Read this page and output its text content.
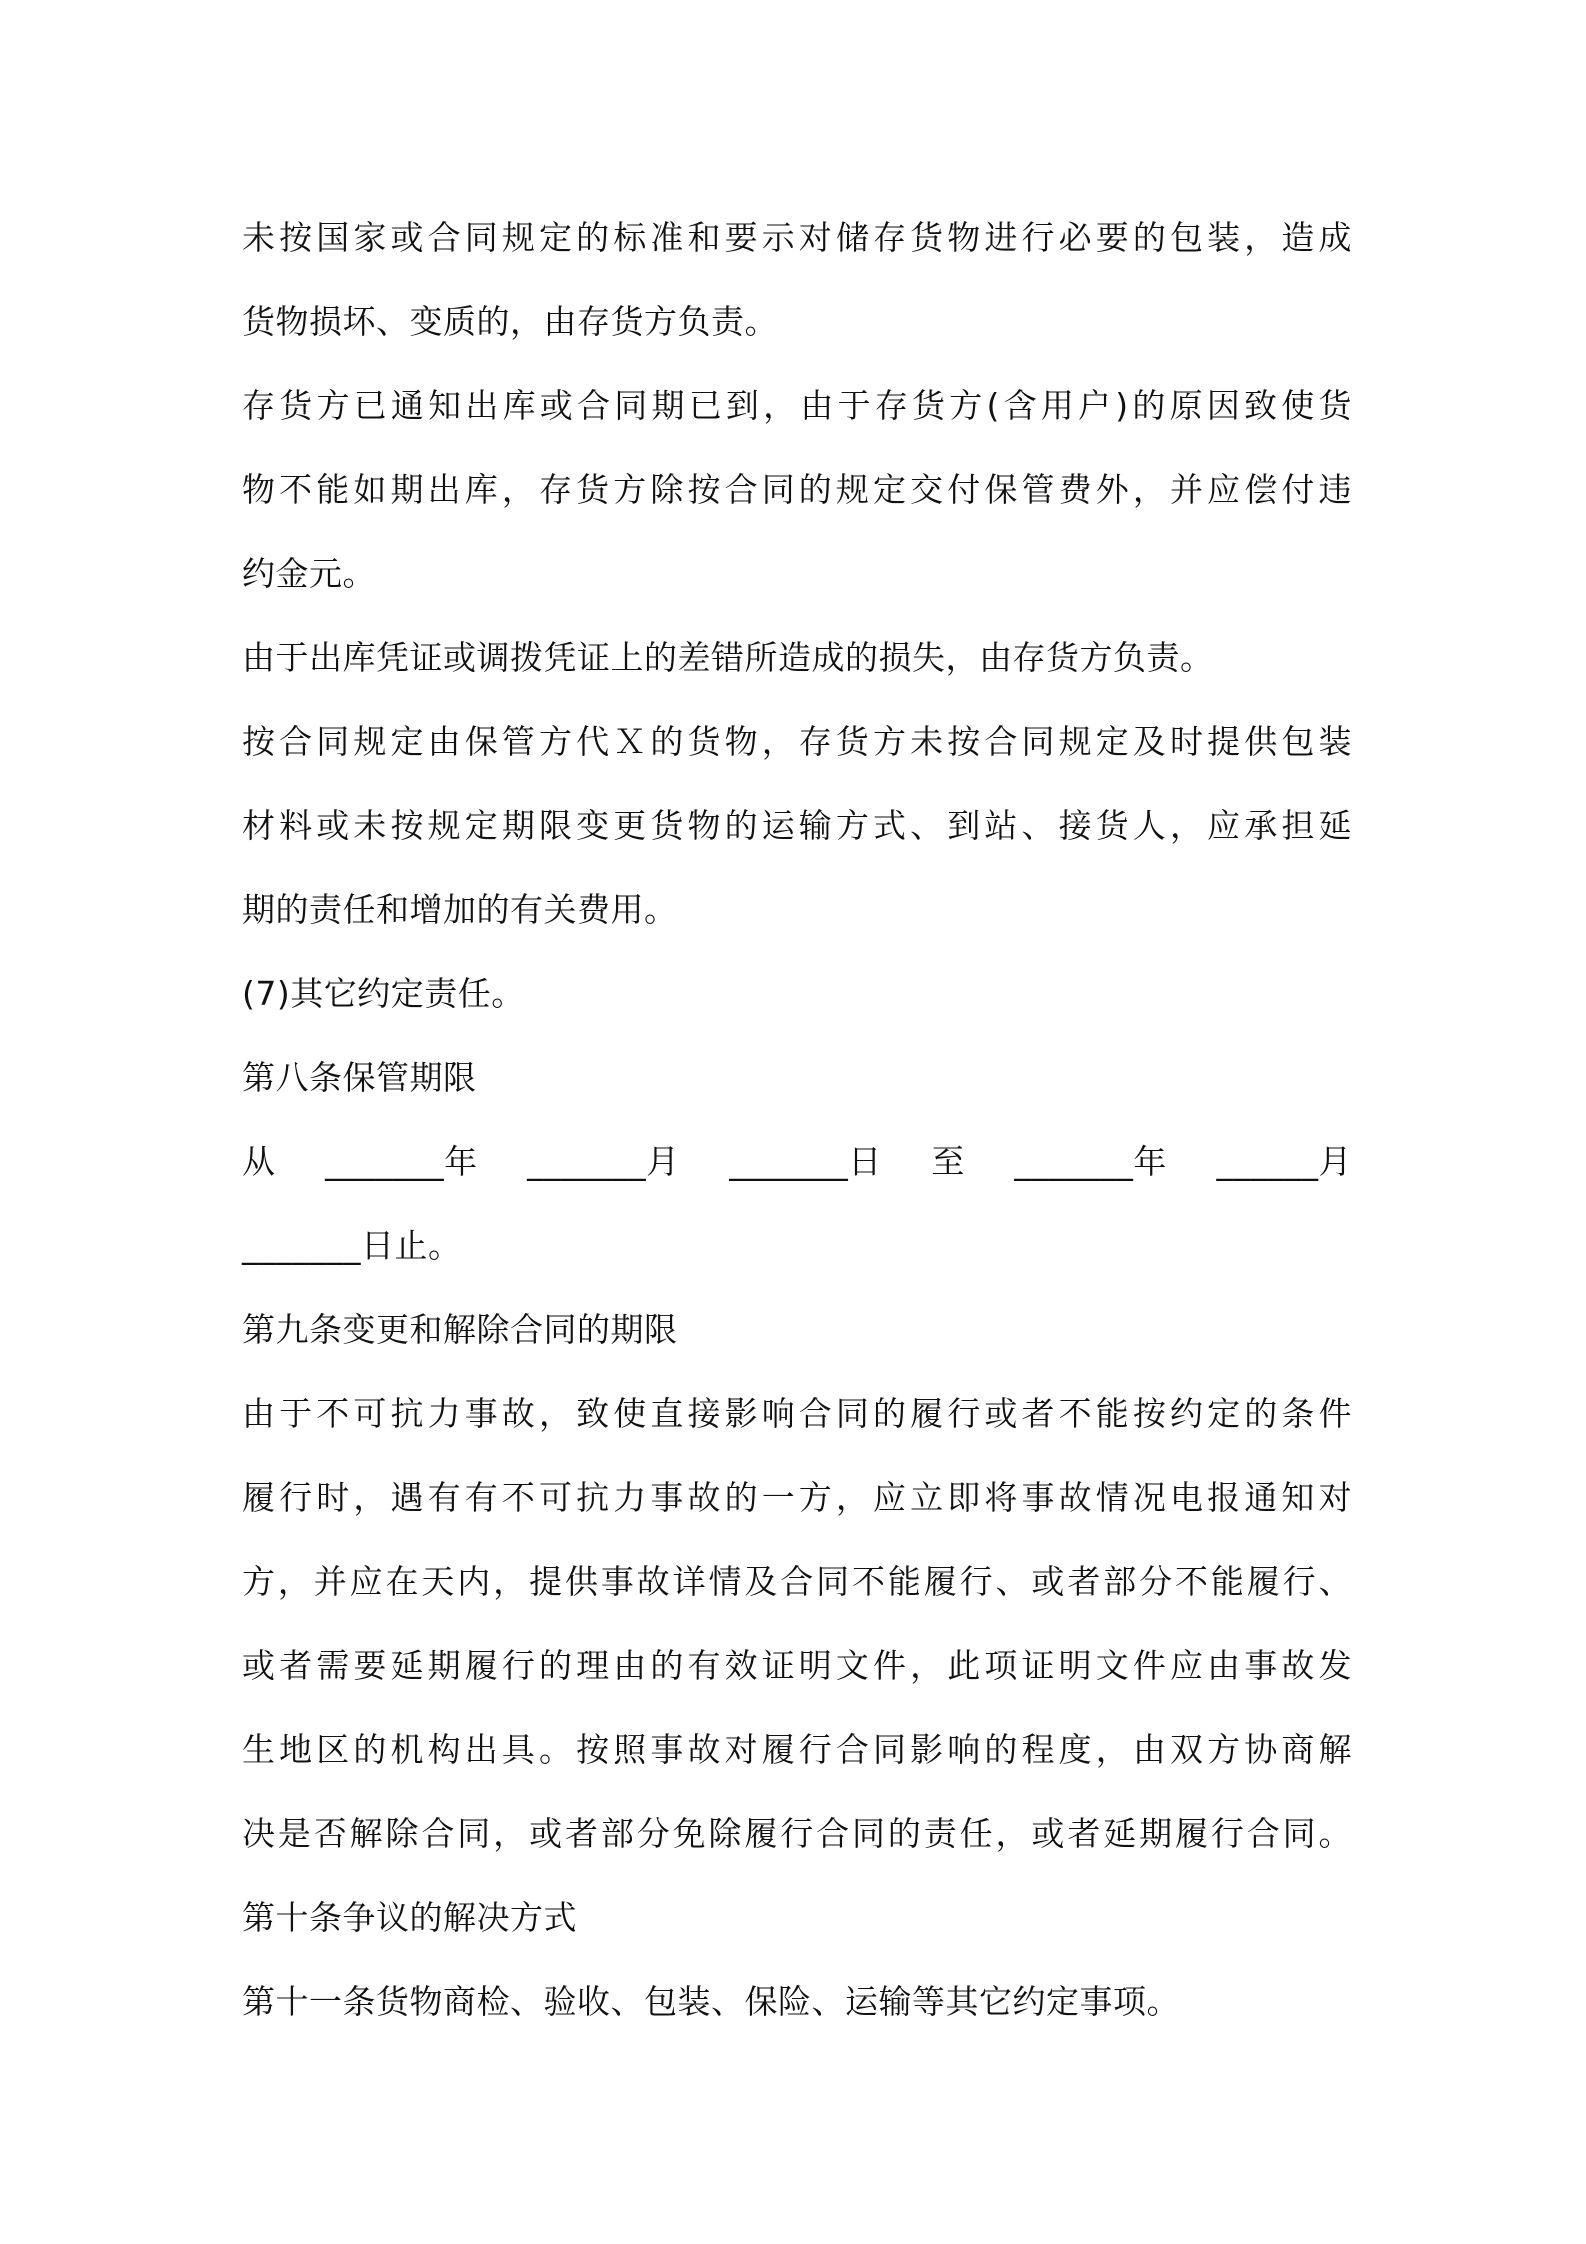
未按国家或合同规定的标准和要示对储存货物进行必要的包装，造成
货物损坏、变质的，由存货方负责。
存货方已通知出库或合同期已到，由于存货方(含用户)的原因致使货
物不能如期出库，存货方除按合同的规定交付保管费外，并应偿付违
约金元。
由于出库凭证或调拨凭证上的差错所造成的损失，由存货方负责。
按合同规定由保管方代Ｘ的货物，存货方未按合同规定及时提供包装
材料或未按规定期限变更货物的运输方式、到站、接货人，应承担延
期的责任和增加的有关费用。
(7)其它约定责任。
第八条保管期限
从 _______年 _______月 _______日 至 _______年 ______月
_______日止。
第九条变更和解除合同的期限
由于不可抗力事故，致使直接影响合同的履行或者不能按约定的条件
履行时，遇有有不可抗力事故的一方，应立即将事故情况电报通知对
方，并应在天内，提供事故详情及合同不能履行、或者部分不能履行、
或者需要延期履行的理由的有效证明文件，此项证明文件应由事故发
生地区的机构出具。按照事故对履行合同影响的程度，由双方协商解
决是否解除合同，或者部分免除履行合同的责任，或者延期履行合同。
第十条争议的解决方式
第十一条货物商检、验收、包装、保险、运输等其它约定事项。
